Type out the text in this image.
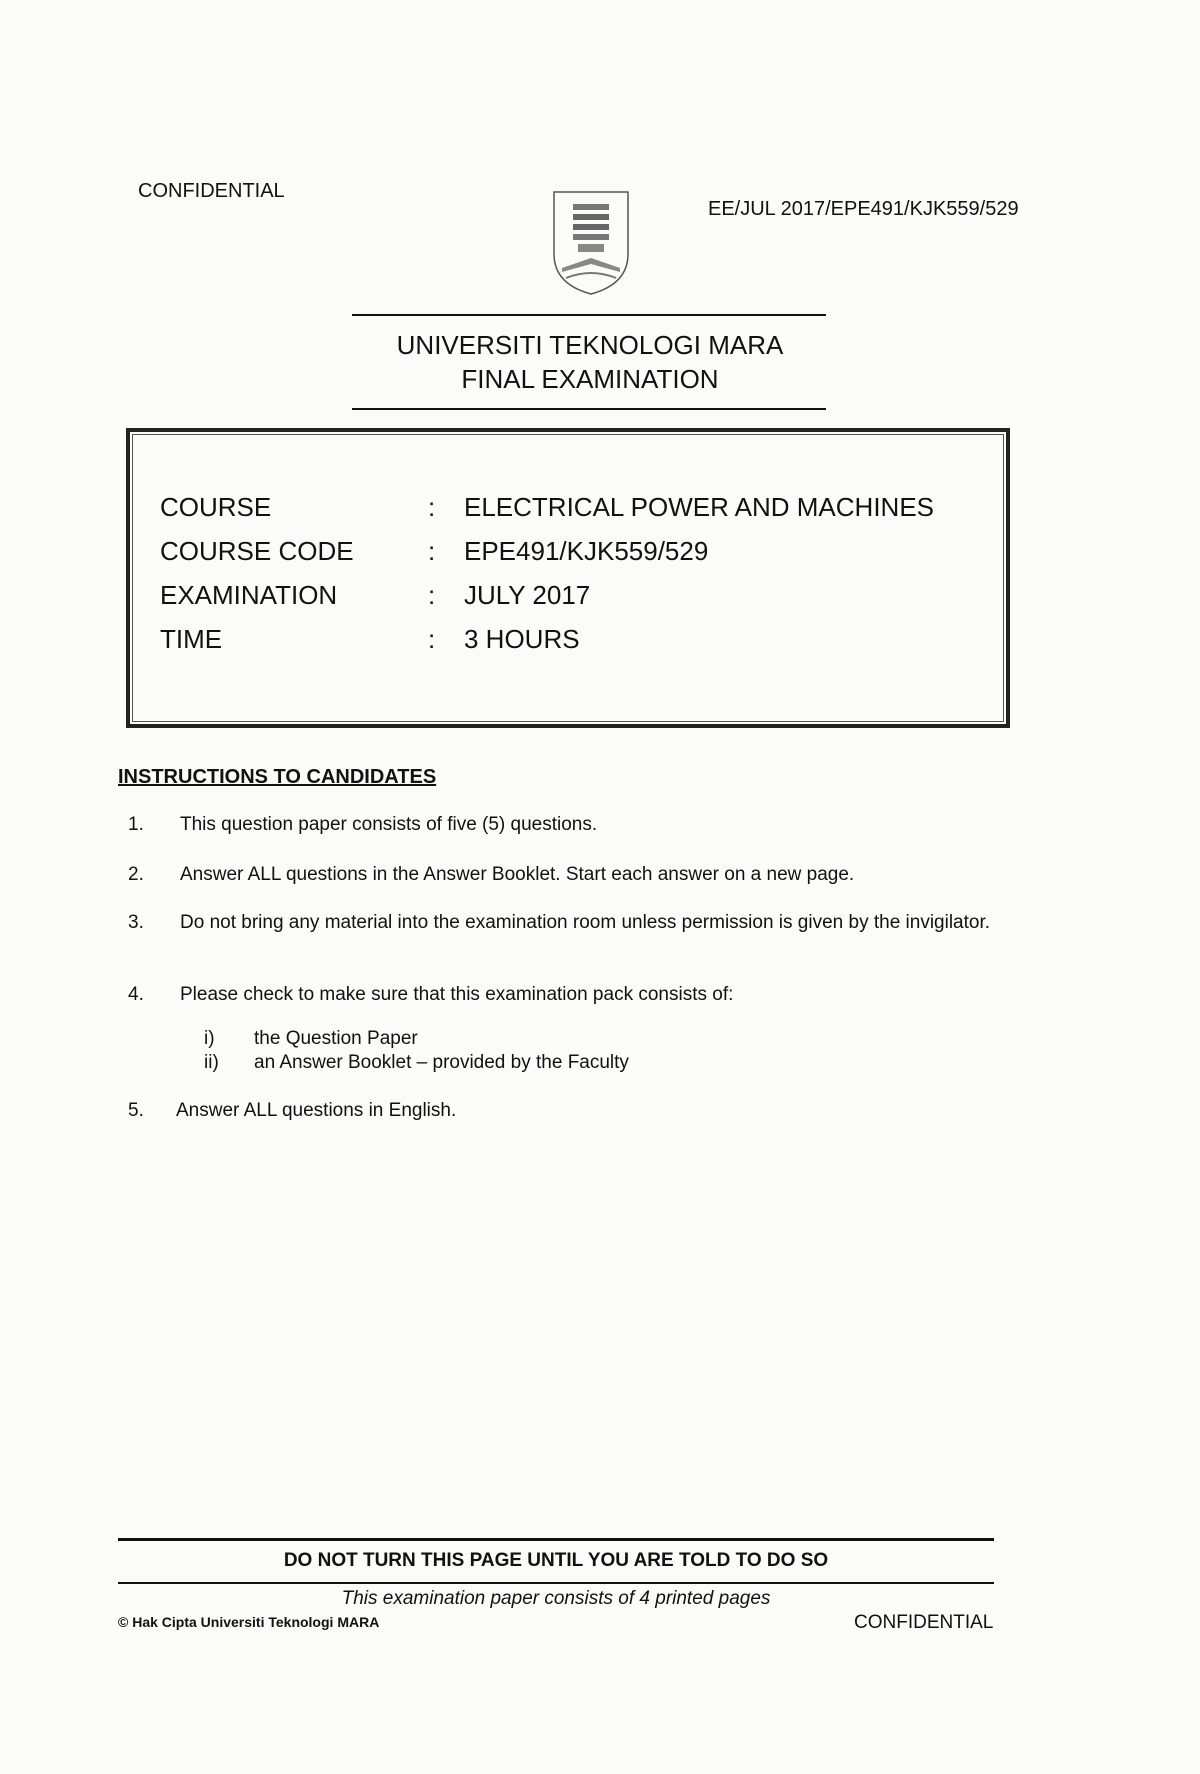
CONFIDENTIAL
EE/JUL 2017/EPE491/KJK559/529
UNIVERSITI TEKNOLOGI MARA
FINAL EXAMINATION
COURSE	: ELECTRICAL POWER AND MACHINES
COURSE CODE	: EPE491/KJK559/529
EXAMINATION	: JULY 2017
TIME	: 3 HOURS
INSTRUCTIONS TO CANDIDATES
1. This question paper consists of five (5) questions.
2. Answer ALL questions in the Answer Booklet. Start each answer on a new page.
3. Do not bring any material into the examination room unless permission is given by the invigilator.
4. Please check to make sure that this examination pack consists of:
i) the Question Paper
ii) an Answer Booklet – provided by the Faculty
5. Answer ALL questions in English.
DO NOT TURN THIS PAGE UNTIL YOU ARE TOLD TO DO SO
This examination paper consists of 4 printed pages
© Hak Cipta Universiti Teknologi MARA	CONFIDENTIAL
